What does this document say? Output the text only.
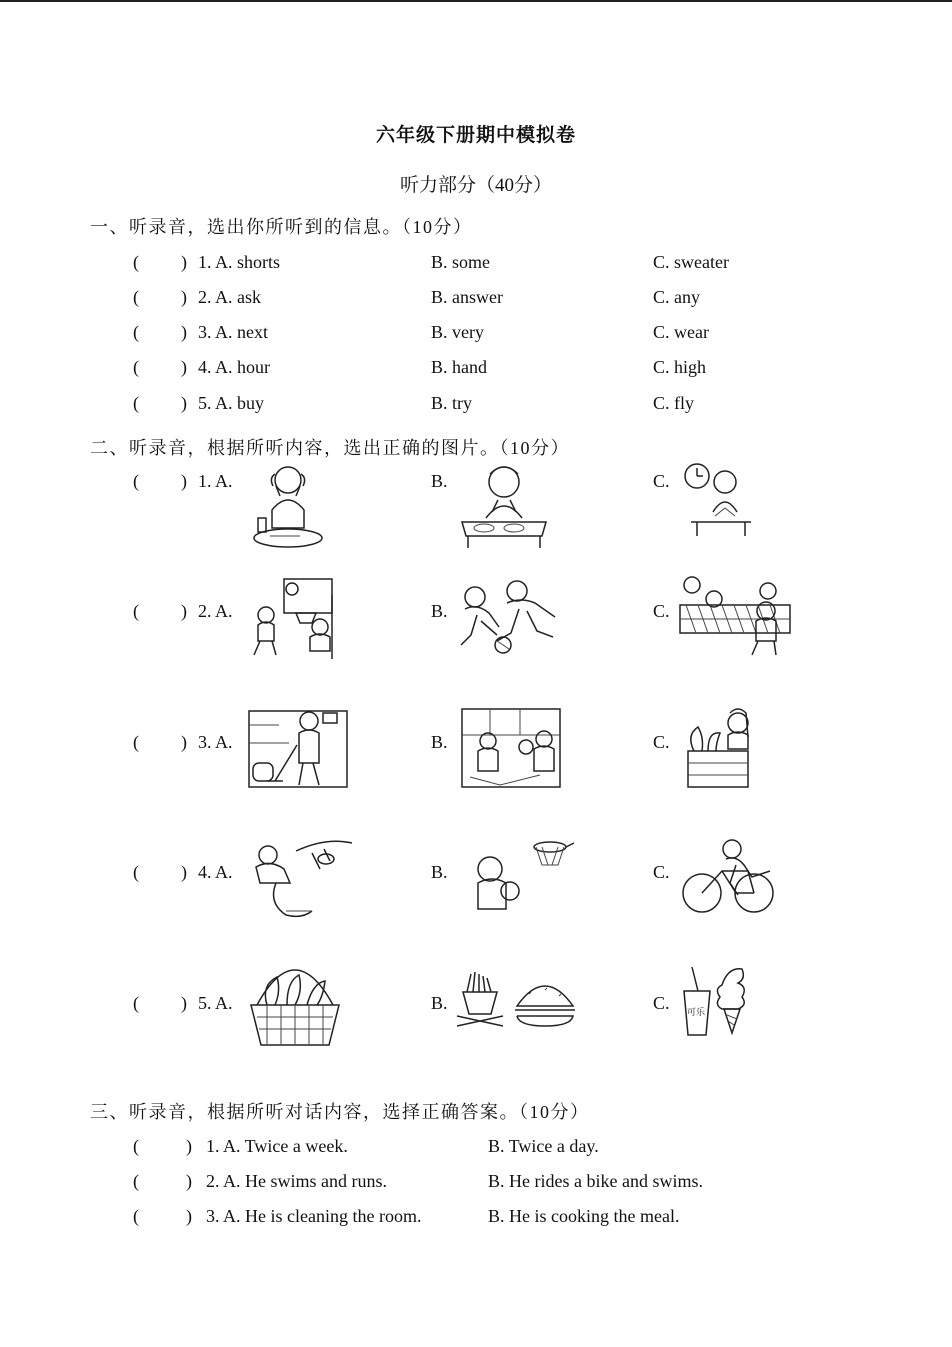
六年级下册期中模拟卷
听力部分（40分）
一、听录音，选出你所听到的信息。（10分）
( ) 1. A. shorts	B. some	C. sweater
( ) 2. A. ask	B. answer	C. any
( ) 3. A. next	B. very	C. wear
( ) 4. A. hour	B. hand	C. high
( ) 5. A. buy	B. try	C. fly
二、听录音，根据所听内容，选出正确的图片。（10分）
( ) 1. A.	B.	C.
( ) 2. A.	B.	C.
( ) 3. A.	B.	C.
( ) 4. A.	B.	C.
( ) 5. A.	B.	C. 可乐
三、听录音，根据所听对话内容，选择正确答案。（10分）
(	) 1. A. Twice a week.	B. Twice a day.
(	) 2. A. He swims and runs.	B. He rides a bike and swims.
(	) 3. A. He is cleaning the room.	B. He is cooking the meal.
